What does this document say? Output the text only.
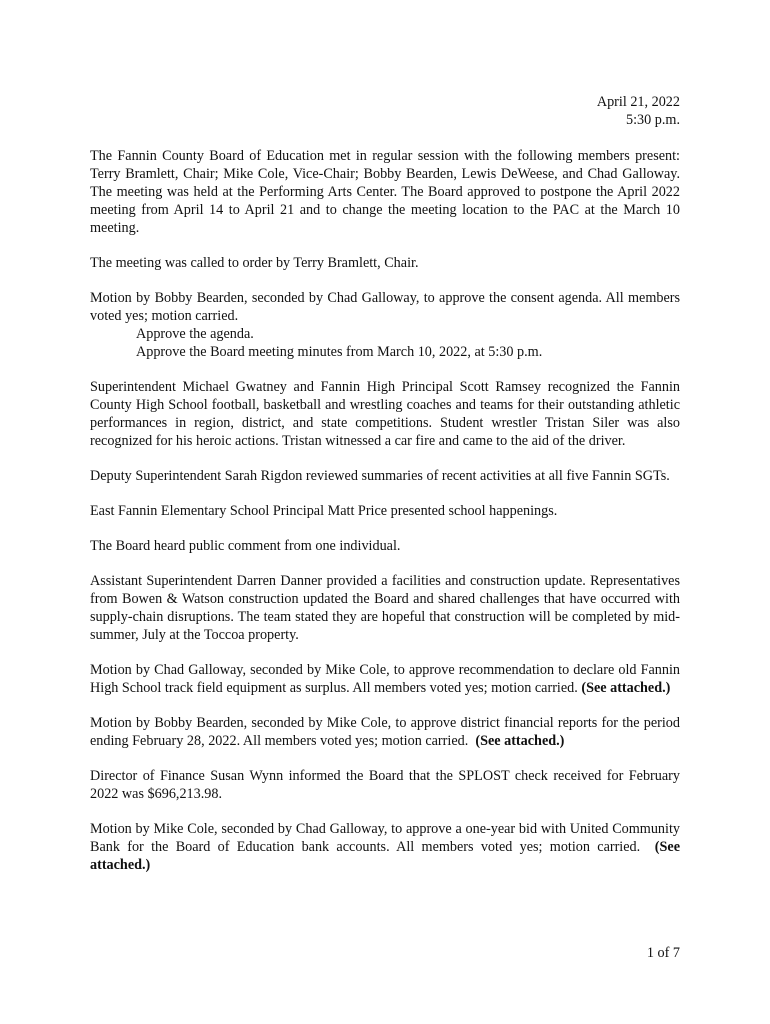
April 21, 2022
5:30 p.m.

The Fannin County Board of Education met in regular session with the following members present: Terry Bramlett, Chair; Mike Cole, Vice-Chair; Bobby Bearden, Lewis DeWeese, and Chad Galloway. The meeting was held at the Performing Arts Center. The Board approved to postpone the April 2022 meeting from April 14 to April 21 and to change the meeting location to the PAC at the March 10 meeting.

The meeting was called to order by Terry Bramlett, Chair.

Motion by Bobby Bearden, seconded by Chad Galloway, to approve the consent agenda. All members voted yes; motion carried.

Approve the agenda.
Approve the Board meeting minutes from March 10, 2022, at 5:30 p.m.

Superintendent Michael Gwatney and Fannin High Principal Scott Ramsey recognized the Fannin County High School football, basketball and wrestling coaches and teams for their outstanding athletic performances in region, district, and state competitions. Student wrestler Tristan Siler was also recognized for his heroic actions. Tristan witnessed a car fire and came to the aid of the driver.

Deputy Superintendent Sarah Rigdon reviewed summaries of recent activities at all five Fannin SGTs.

East Fannin Elementary School Principal Matt Price presented school happenings.

The Board heard public comment from one individual.

Assistant Superintendent Darren Danner provided a facilities and construction update. Representatives from Bowen & Watson construction updated the Board and shared challenges that have occurred with supply-chain disruptions. The team stated they are hopeful that construction will be completed by mid-summer, July at the Toccoa property.

Motion by Chad Galloway, seconded by Mike Cole, to approve recommendation to declare old Fannin High School track field equipment as surplus. All members voted yes; motion carried. (See attached.)

Motion by Bobby Bearden, seconded by Mike Cole, to approve district financial reports for the period ending February 28, 2022. All members voted yes; motion carried. (See attached.)

Director of Finance Susan Wynn informed the Board that the SPLOST check received for February 2022 was $696,213.98.

Motion by Mike Cole, seconded by Chad Galloway, to approve a one-year bid with United Community Bank for the Board of Education bank accounts. All members voted yes; motion carried. (See attached.)

1 of 7
